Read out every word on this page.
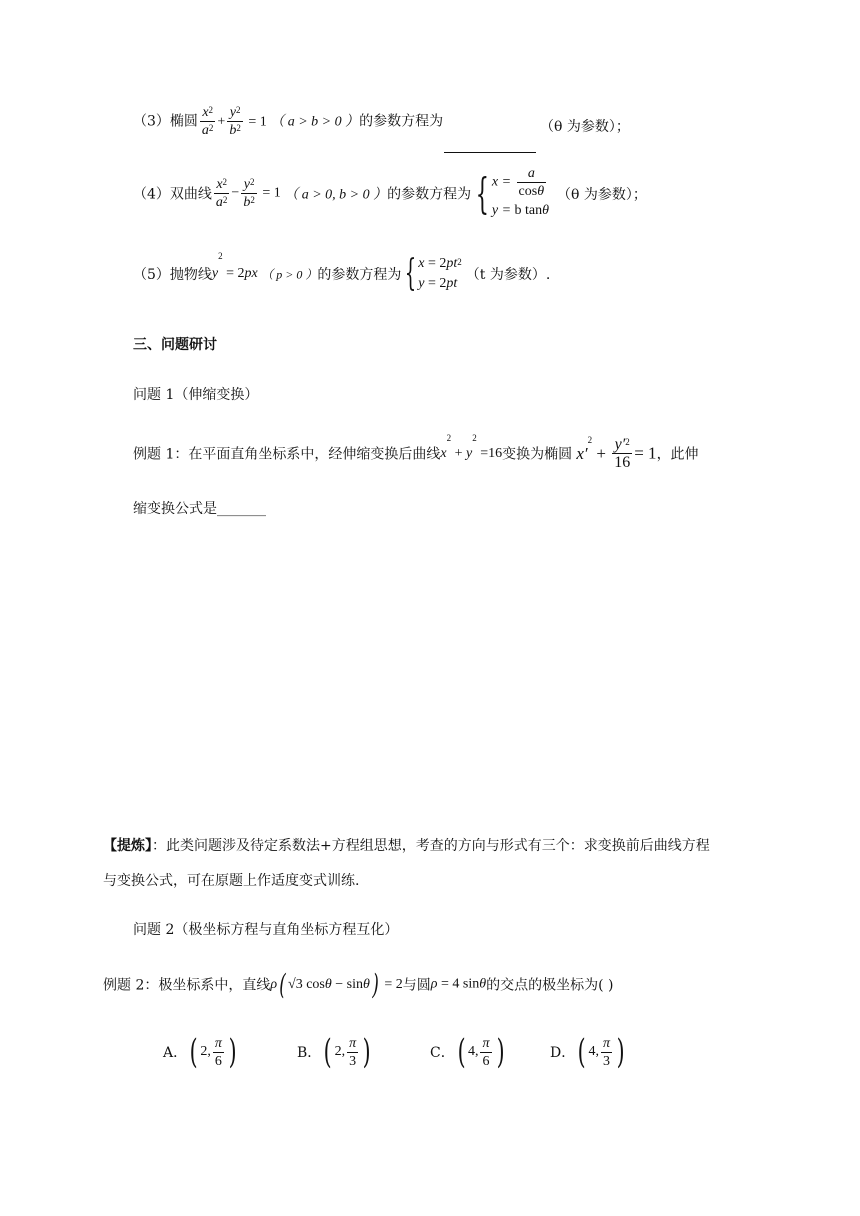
（3）椭圆 $\frac{x^2}{a^2} + \frac{y^2}{b^2} = 1$ （ a > b > 0 ）的参数方程为	（θ 为参数）；
（4）双曲线 $\frac{x^2}{a^2} - \frac{y^2}{b^2} = 1$ （ a > 0, b > 0 ）的参数方程为 { $x = \frac{a}{\cos\theta}$
y = b tanθ
（θ 为参数）；
（5）抛物线$y^2 = 2px$ （ p > 0 ）的参数方程为 { $x = 2pt^2$
y = 2pt
（t 为参数）.
三、问题研讨
问题 1（伸缩变换）
例题 1：在平面直角坐标系中，经伸缩变换后曲线$x^2 + y^2 =16$变换为椭圆 $x'^2 + \frac{y'^2}{16} = 1$，此伸
缩变换公式是_______
【提炼】：此类问题涉及待定系数法+方程组思想，考查的方向与形式有三个：求变换前后曲线方程
与变换公式，可在原题上作适度变式训练.
问题 2（极坐标方程与直角坐标方程互化）
例题 2：极坐标系中，直线ρ( √3 cosθ − sinθ) = 2与圆ρ = 4 sinθ的交点的极坐标为( )
A．( 2, $\frac{\pi}{6}$ )	B．( 2, $\frac{\pi}{3}$ )	C．( 4, $\frac{\pi}{6}$ )	D．( 4, $\frac{\pi}{3}$ )
